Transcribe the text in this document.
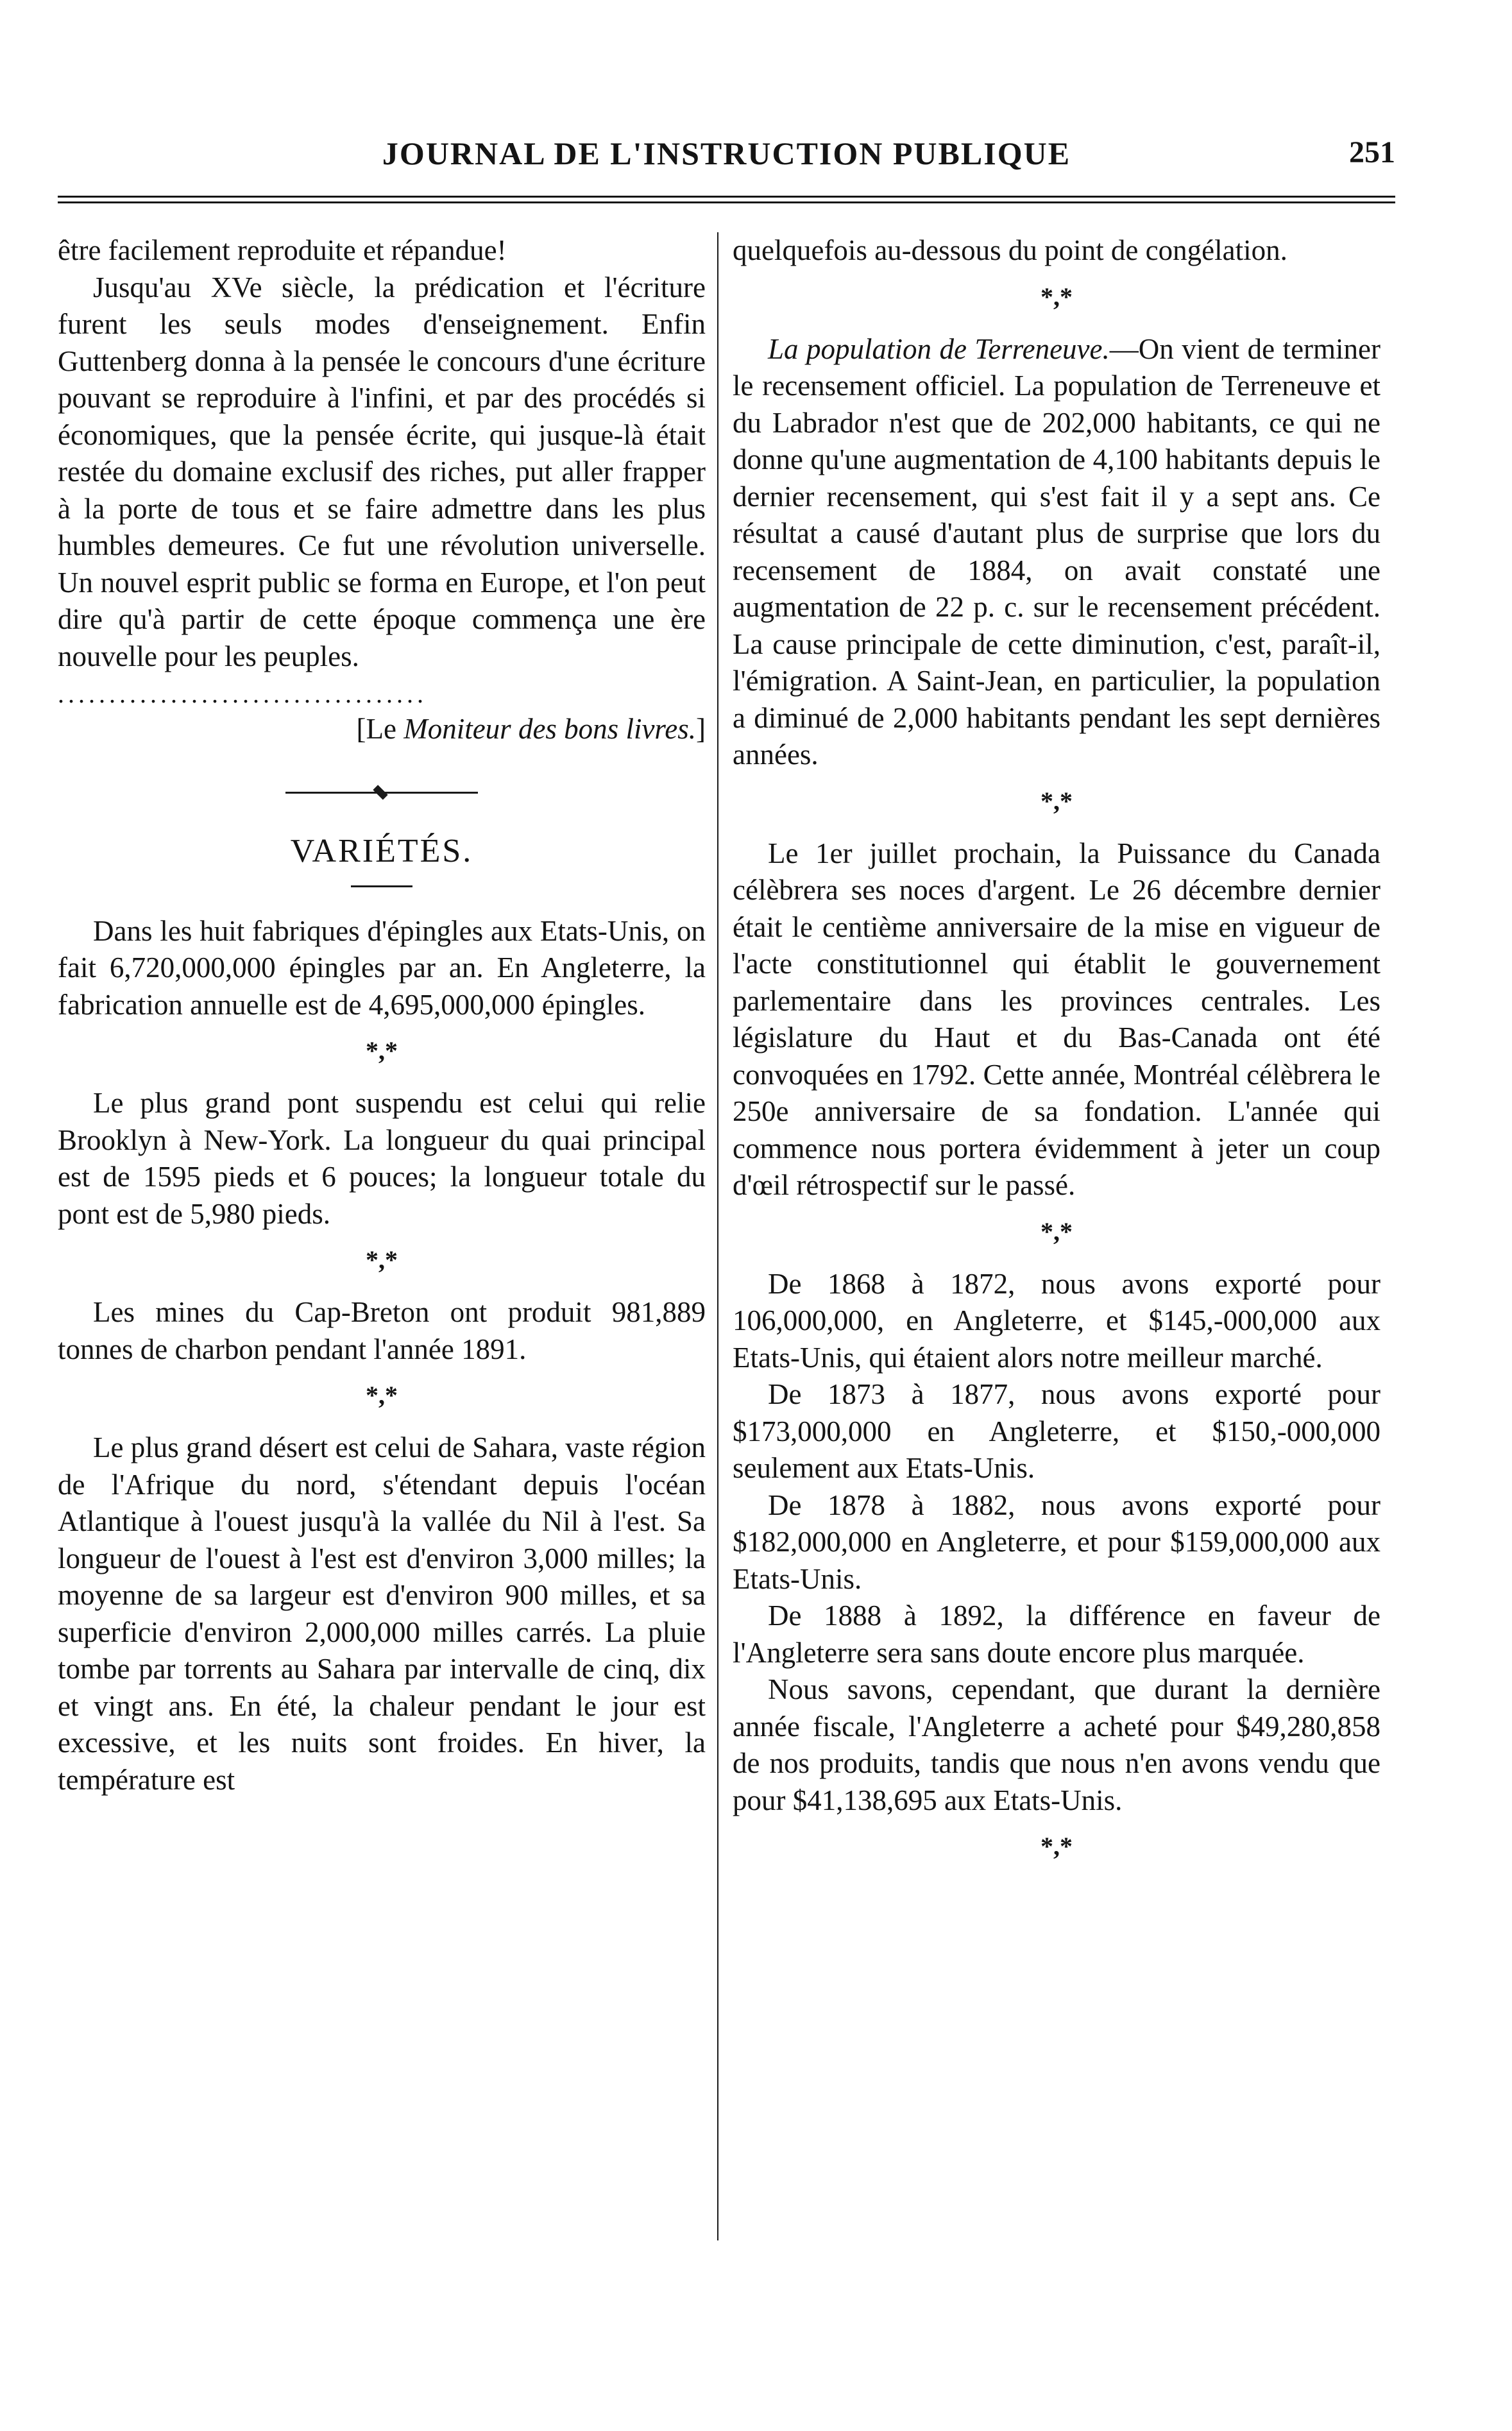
JOURNAL DE L'INSTRUCTION PUBLIQUE	251

être facilement reproduite et répandue!

Jusqu'au XVe siècle, la prédication et l'écriture furent les seuls modes d'enseignement. Enfin Guttenberg donna à la pensée le concours d'une écriture pouvant se reproduire à l'infini, et par des procédés si économiques, que la pensée écrite, qui jusque-là était restée du domaine exclusif des riches, put aller frapper à la porte de tous et se faire admettre dans les plus humbles demeures. Ce fut une révolution universelle. Un nouvel esprit public se forma en Europe, et l'on peut dire qu'à partir de cette époque commença une ère nouvelle pour les peuples.

....................................

[Le Moniteur des bons livres.]

VARIÉTÉS.

Dans les huit fabriques d'épingles aux Etats-Unis, on fait 6,720,000,000 épingles par an. En Angleterre, la fabrication annuelle est de 4,695,000,000 épingles.

*,*

Le plus grand pont suspendu est celui qui relie Brooklyn à New-York. La longueur du quai principal est de 1595 pieds et 6 pouces; la longueur totale du pont est de 5,980 pieds.

*,*

Les mines du Cap-Breton ont produit 981,889 tonnes de charbon pendant l'année 1891.

*,*

Le plus grand désert est celui de Sahara, vaste région de l'Afrique du nord, s'étendant depuis l'océan Atlantique à l'ouest jusqu'à la vallée du Nil à l'est. Sa longueur de l'ouest à l'est est d'environ 3,000 milles; la moyenne de sa largeur est d'environ 900 milles, et sa superficie d'environ 2,000,000 milles carrés. La pluie tombe par torrents au Sahara par intervalle de cinq, dix et vingt ans. En été, la chaleur pendant le jour est excessive, et les nuits sont froides. En hiver, la température est

quelquefois au-dessous du point de congélation.

*,*

La population de Terreneuve.—On vient de terminer le recensement officiel. La population de Terreneuve et du Labrador n'est que de 202,000 habitants, ce qui ne donne qu'une augmentation de 4,100 habitants depuis le dernier recensement, qui s'est fait il y a sept ans. Ce résultat a causé d'autant plus de surprise que lors du recensement de 1884, on avait constaté une augmentation de 22 p. c. sur le recensement précédent. La cause principale de cette diminution, c'est, paraît-il, l'émigration. A Saint-Jean, en particulier, la population a diminué de 2,000 habitants pendant les sept dernières années.

*,*

Le 1er juillet prochain, la Puissance du Canada célèbrera ses noces d'argent. Le 26 décembre dernier était le centième anniversaire de la mise en vigueur de l'acte constitutionnel qui établit le gouvernement parlementaire dans les provinces centrales. Les législature du Haut et du Bas-Canada ont été convoquées en 1792. Cette année, Montréal célèbrera le 250e anniversaire de sa fondation. L'année qui commence nous portera évidemment à jeter un coup d'œil rétrospectif sur le passé.

*,*

De 1868 à 1872, nous avons exporté pour 106,000,000, en Angleterre, et $145,-000,000 aux Etats-Unis, qui étaient alors notre meilleur marché.

De 1873 à 1877, nous avons exporté pour $173,000,000 en Angleterre, et $150,-000,000 seulement aux Etats-Unis.

De 1878 à 1882, nous avons exporté pour $182,000,000 en Angleterre, et pour $159,000,000 aux Etats-Unis.

De 1888 à 1892, la différence en faveur de l'Angleterre sera sans doute encore plus marquée.

Nous savons, cependant, que durant la dernière année fiscale, l'Angleterre a acheté pour $49,280,858 de nos produits, tandis que nous n'en avons vendu que pour $41,138,695 aux Etats-Unis.

*,*
